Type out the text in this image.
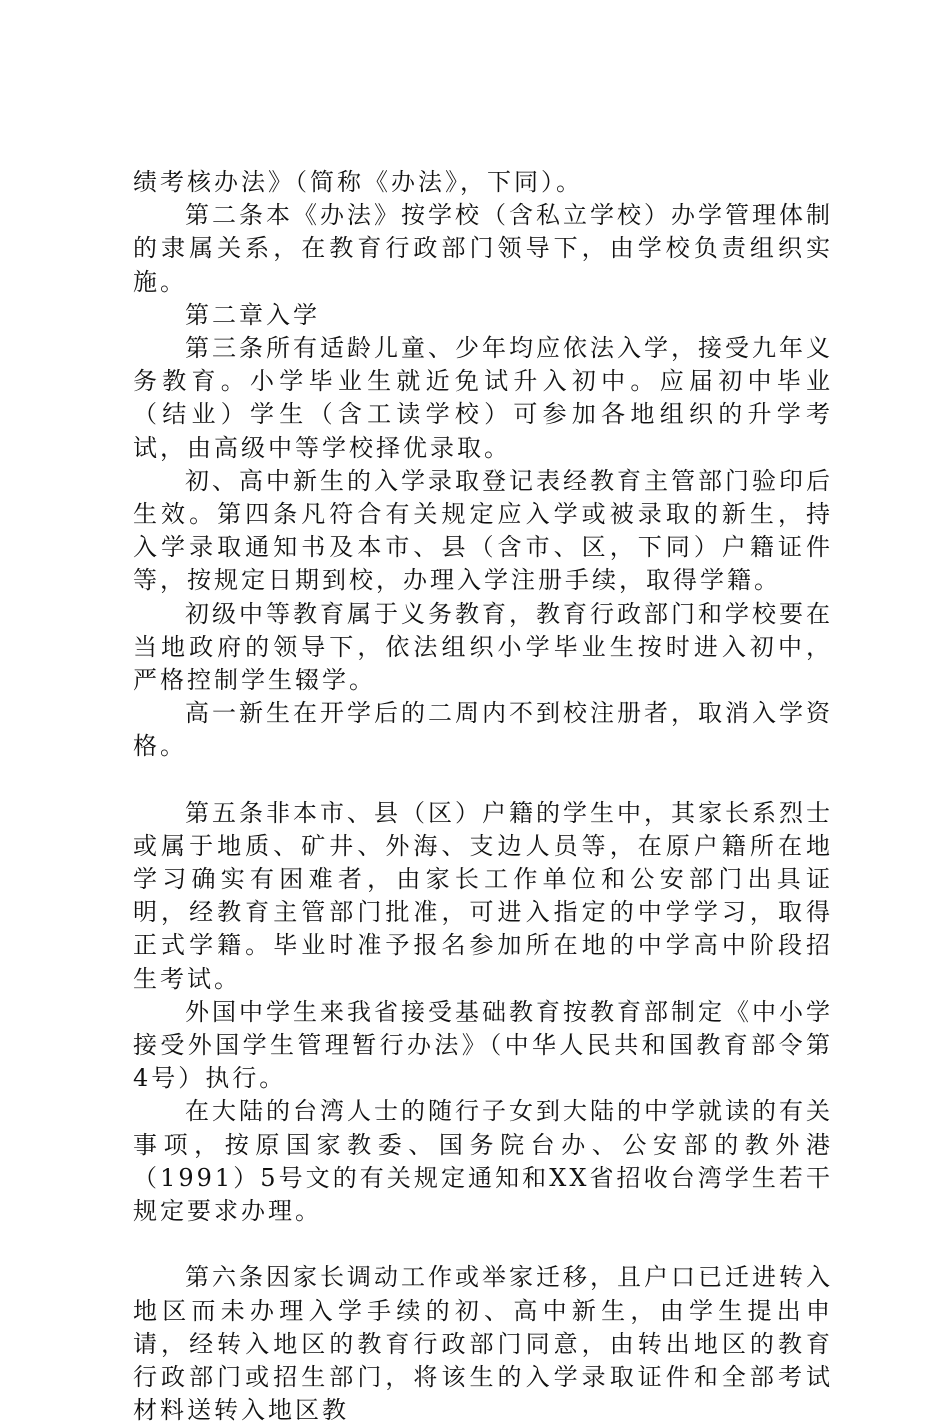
绩考核办法》（简称《办法》，下同）。

第二条本《办法》按学校（含私立学校）办学管理体制的隶属关系，在教育行政部门领导下，由学校负责组织实施。

第二章入学

第三条所有适龄儿童、少年均应依法入学，接受九年义务教育。小学毕业生就近免试升入初中。应届初中毕业（结业）学生（含工读学校）可参加各地组织的升学考试，由高级中等学校择优录取。

初、高中新生的入学录取登记表经教育主管部门验印后生效。第四条凡符合有关规定应入学或被录取的新生，持入学录取通知书及本市、县（含市、区，下同）户籍证件等，按规定日期到校，办理入学注册手续，取得学籍。

初级中等教育属于义务教育，教育行政部门和学校要在当地政府的领导下，依法组织小学毕业生按时进入初中，严格控制学生辍学。

高一新生在开学后的二周内不到校注册者，取消入学资格。

第五条非本市、县（区）户籍的学生中，其家长系烈士或属于地质、矿井、外海、支边人员等，在原户籍所在地学习确实有困难者，由家长工作单位和公安部门出具证明，经教育主管部门批准，可进入指定的中学学习，取得正式学籍。毕业时准予报名参加所在地的中学高中阶段招生考试。

外国中学生来我省接受基础教育按教育部制定《中小学接受外国学生管理暂行办法》（中华人民共和国教育部令第4号）执行。

在大陆的台湾人士的随行子女到大陆的中学就读的有关事项，按原国家教委、国务院台办、公安部的教外港（1991）5号文的有关规定通知和XX省招收台湾学生若干规定要求办理。

第六条因家长调动工作或举家迁移，且户口已迁进转入地区而未办理入学手续的初、高中新生，由学生提出申请，经转入地区的教育行政部门同意，由转出地区的教育行政部门或招生部门，将该生的入学录取证件和全部考试材料送转入地区教
